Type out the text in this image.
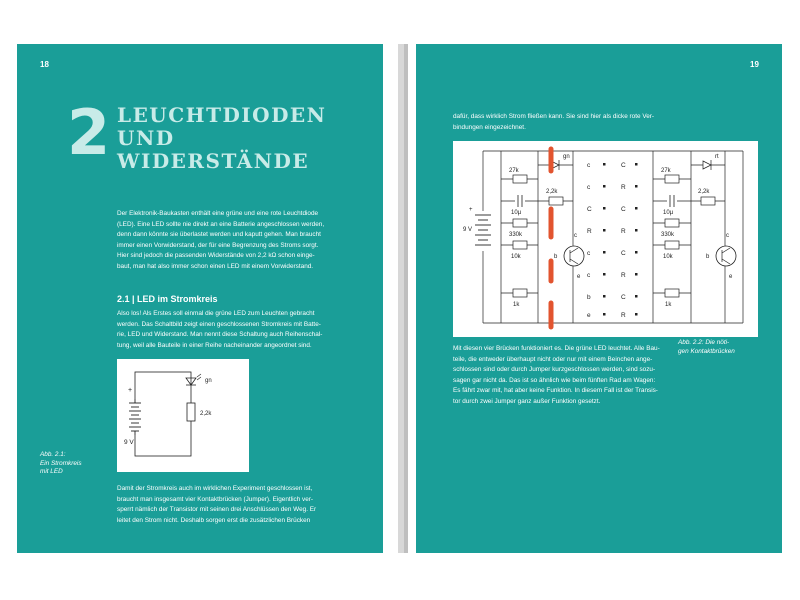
18
2 LEUCHTDIODEN
UND
WIDERSTÄNDE
Der Elektronik-Baukasten enthält eine grüne und eine rote Leuchtdiode
(LED). Eine LED sollte nie direkt an eine Batterie angeschlossen werden,
denn dann könnte sie überlastet werden und kaputt gehen. Man braucht
immer einen Vorwiderstand, der für eine Begrenzung des Stroms sorgt.
Hier sind jedoch die passenden Widerstände von 2,2 kΩ schon einge-
baut, man hat also immer schon einen LED mit einem Vorwiderstand.
2.1 | LED im Stromkreis
Also los! Als Erstes soll einmal die grüne LED zum Leuchten gebracht
werden. Das Schaltbild zeigt einen geschlossenen Stromkreis mit Batte-
rie, LED und Widerstand. Man nennt diese Schaltung auch Reihenschal-
tung, weil alle Bauteile in einer Reihe nacheinander angeordnet sind.
+
9 V
gn
2,2k
Abb. 2.1:
Ein Stromkreis
mit LED
Damit der Stromkreis auch im wirklichen Experiment geschlossen ist,
braucht man insgesamt vier Kontaktbrücken (Jumper). Eigentlich ver-
sperrt nämlich der Transistor mit seinen drei Anschlüssen den Weg. Er
leitet den Strom nicht. Deshalb sorgen erst die zusätzlichen Brücken
19
dafür, dass wirklich Strom fließen kann. Sie sind hier als dicke rote Ver-
bindungen eingezeichnet.
9 V
+
27k
2,2k
10µ
330k
10k
1k
gn
c
b
e
c
c
C
R
c
c
b
e
C
R
C
R
C
R
C
R
27k
2,2k
10µ
330k
10k
1k
rt
c
b
e
Mit diesen vier Brücken funktioniert es. Die grüne LED leuchtet. Alle Bau-
teile, die entweder überhaupt nicht oder nur mit einem Beinchen ange-
schlossen sind oder durch Jumper kurzgeschlossen werden, sind sozu-
sagen gar nicht da. Das ist so ähnlich wie beim fünften Rad am Wagen:
Es fährt zwar mit, hat aber keine Funktion. In diesem Fall ist der Transis-
tor durch zwei Jumper ganz außer Funktion gesetzt.
Abb. 2.2: Die nöti-
gen Kontaktbrücken
